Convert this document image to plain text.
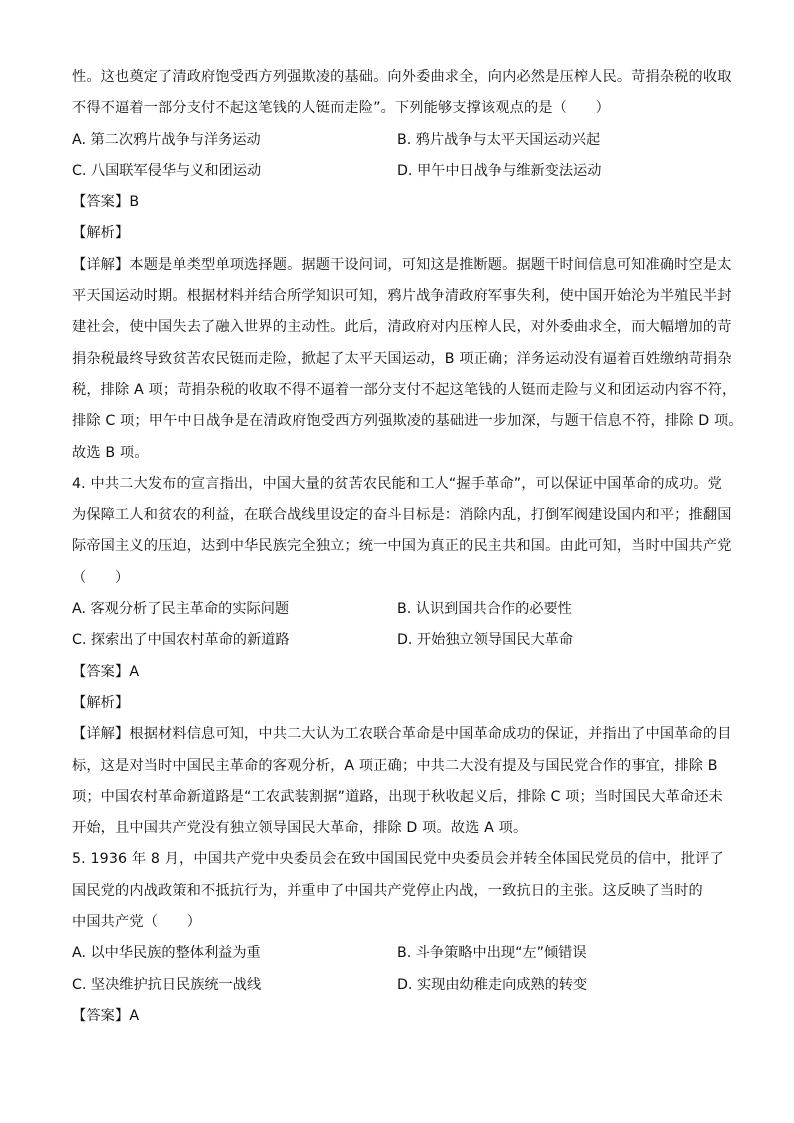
性。这也奠定了清政府饱受西方列强欺凌的基础。向外委曲求全，向内必然是压榨人民。苛捐杂税的收取
不得不逼着一部分支付不起这笔钱的人铤而走险”。下列能够支撑该观点的是（　　）
A. 第二次鸦片战争与洋务运动	B. 鸦片战争与太平天国运动兴起
C. 八国联军侵华与义和团运动	D. 甲午中日战争与维新变法运动
【答案】B
【解析】
【详解】本题是单类型单项选择题。据题干设问词，可知这是推断题。据题干时间信息可知准确时空是太
平天国运动时期。根据材料并结合所学知识可知，鸦片战争清政府军事失利，使中国开始沦为半殖民半封
建社会，使中国失去了融入世界的主动性。此后，清政府对内压榨人民，对外委曲求全，而大幅增加的苛
捐杂税最终导致贫苦农民铤而走险，掀起了太平天国运动，B 项正确；洋务运动没有逼着百姓缴纳苛捐杂
税，排除 A 项；苛捐杂税的收取不得不逼着一部分支付不起这笔钱的人铤而走险与义和团运动内容不符，
排除 C 项；甲午中日战争是在清政府饱受西方列强欺凌的基础进一步加深，与题干信息不符，排除 D 项。
故选 B 项。
4. 中共二大发布的宣言指出，中国大量的贫苦农民能和工人“握手革命”，可以保证中国革命的成功。党
为保障工人和贫农的利益，在联合战线里设定的奋斗目标是：消除内乱，打倒军阀建设国内和平；推翻国
际帝国主义的压迫，达到中华民族完全独立；统一中国为真正的民主共和国。由此可知，当时中国共产党
（　　）
A. 客观分析了民主革命的实际问题	B. 认识到国共合作的必要性
C. 探索出了中国农村革命的新道路	D. 开始独立领导国民大革命
【答案】A
【解析】
【详解】根据材料信息可知，中共二大认为工农联合革命是中国革命成功的保证，并指出了中国革命的目
标，这是对当时中国民主革命的客观分析，A 项正确；中共二大没有提及与国民党合作的事宜，排除 B
项；中国农村革命新道路是“工农武装割据”道路，出现于秋收起义后，排除 C 项；当时国民大革命还未
开始，且中国共产党没有独立领导国民大革命，排除 D 项。故选 A 项。
5. 1936 年 8 月，中国共产党中央委员会在致中国国民党中央委员会并转全体国民党员的信中，批评了
国民党的内战政策和不抵抗行为，并重申了中国共产党停止内战，一致抗日的主张。这反映了当时的
中国共产党（　　）
A. 以中华民族的整体利益为重	B. 斗争策略中出现“左”倾错误
C. 坚决维护抗日民族统一战线	D. 实现由幼稚走向成熟的转变
【答案】A
